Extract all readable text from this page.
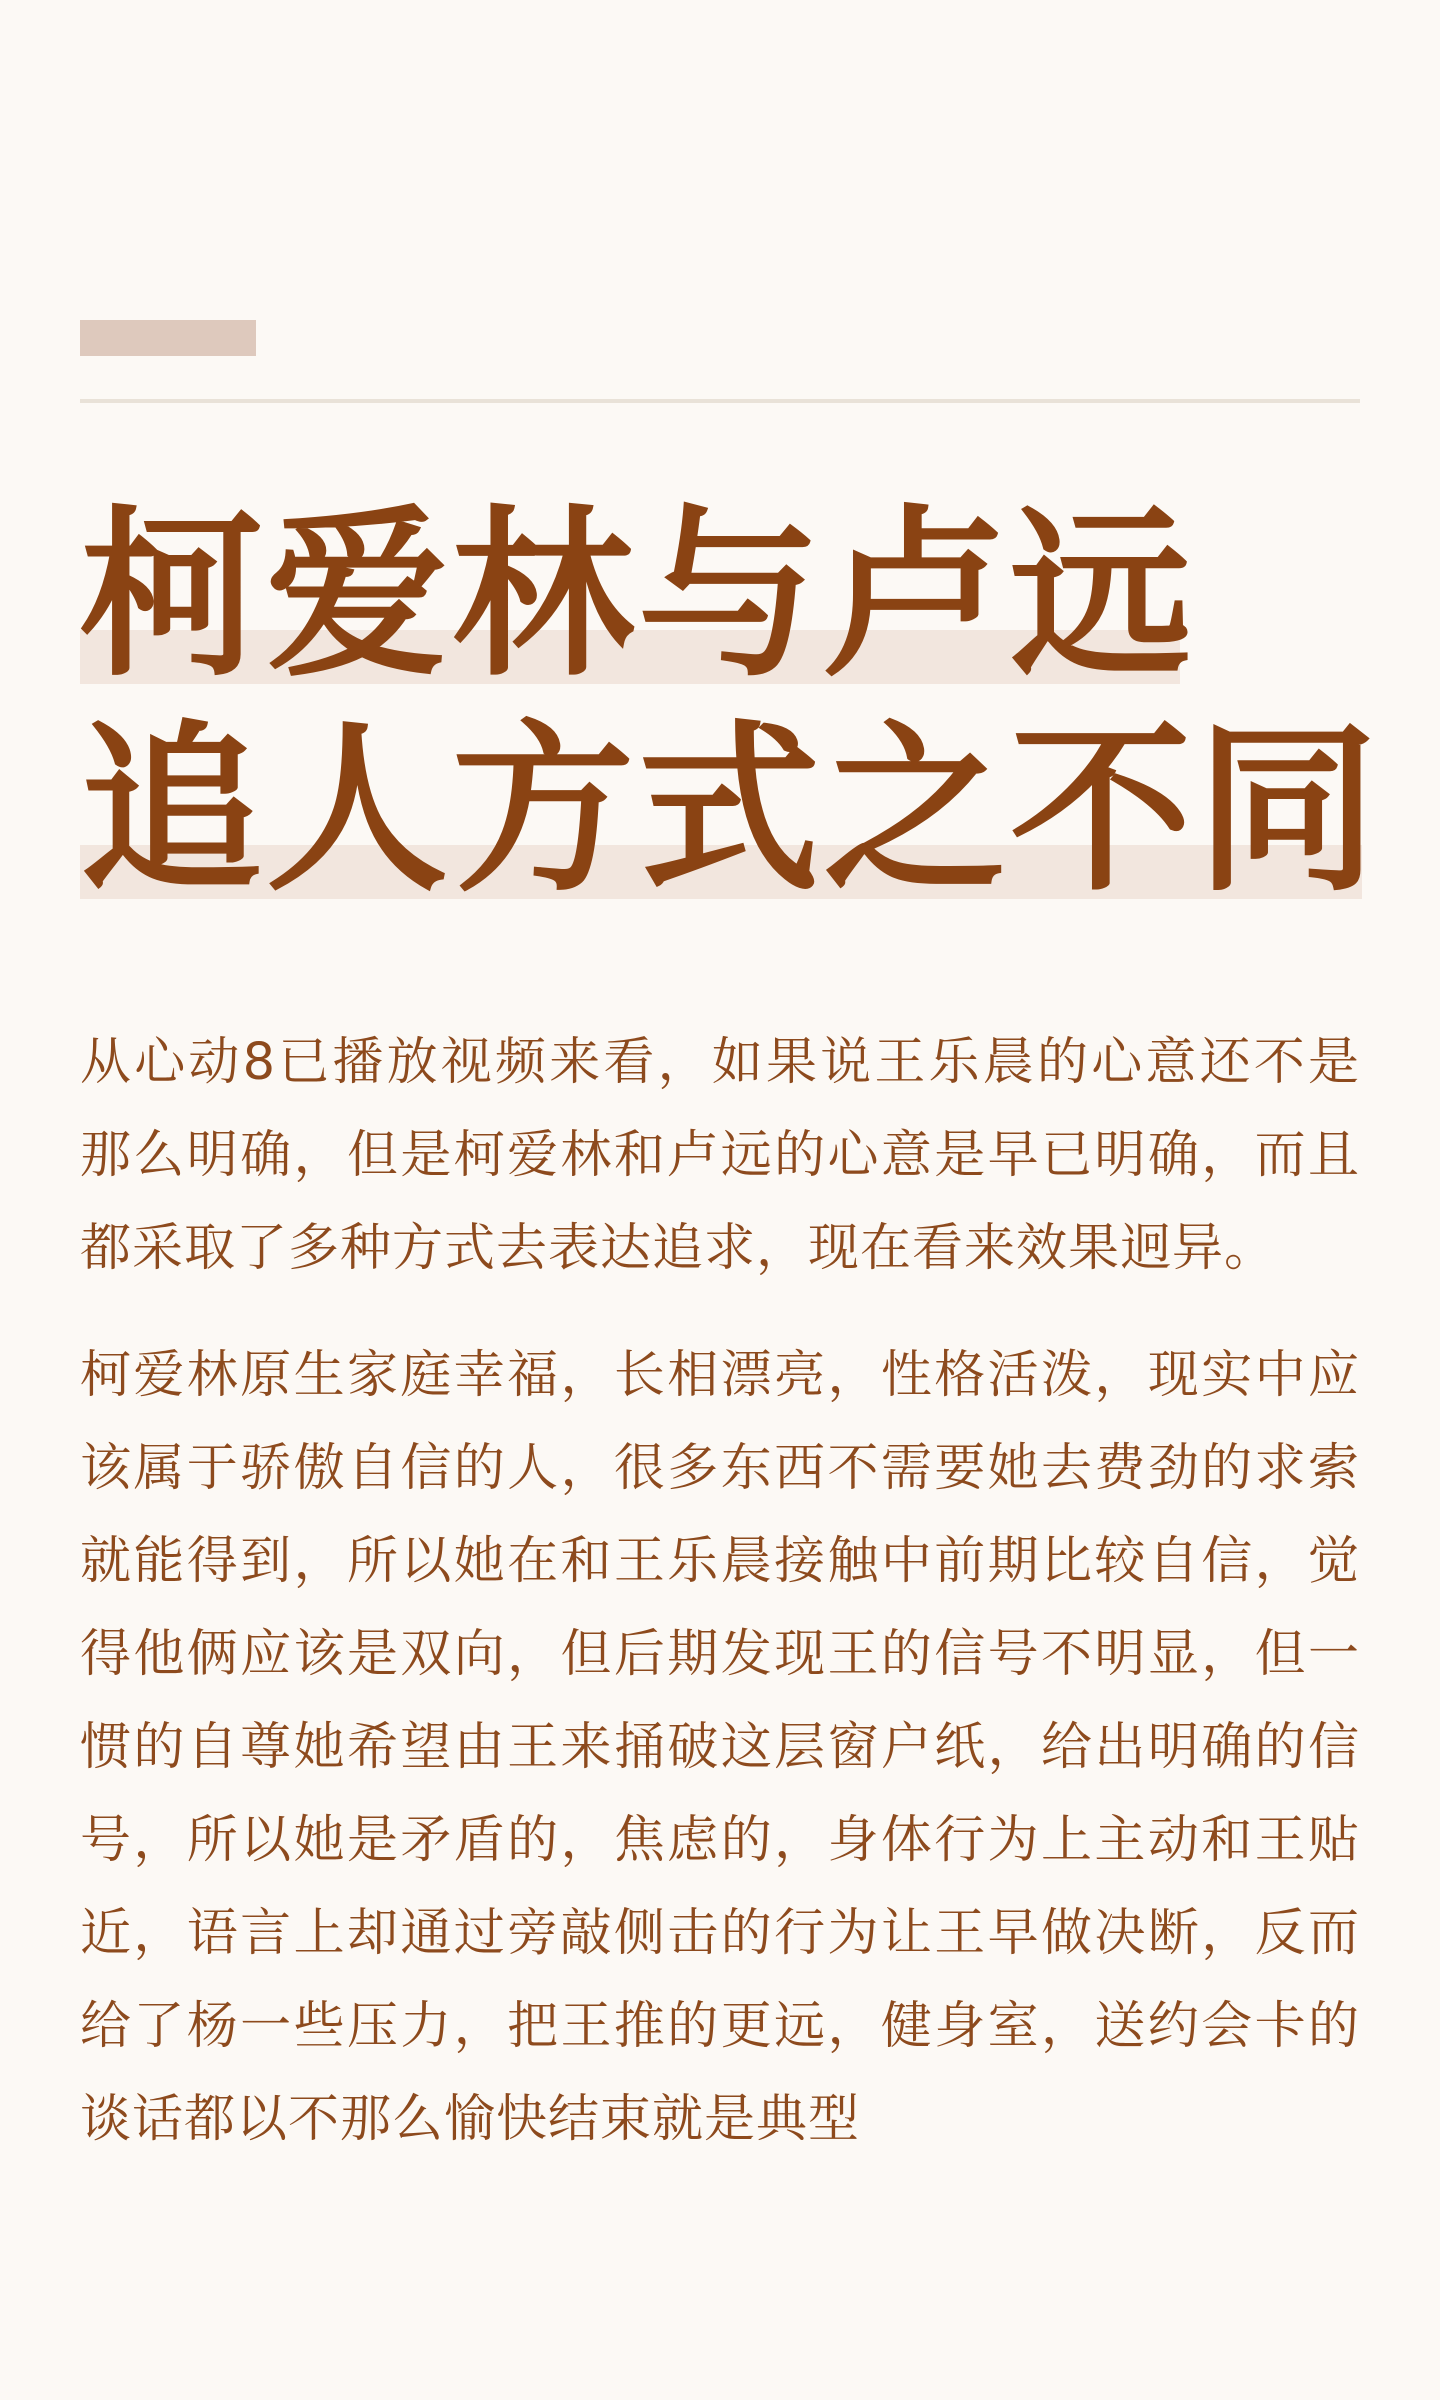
柯爱林与卢远
追人方式之不同

从心动8已播放视频来看，如果说王乐晨的心意还不是那么明确，但是柯爱林和卢远的心意是早已明确，而且都采取了多种方式去表达追求，现在看来效果迥异。

柯爱林原生家庭幸福，长相漂亮，性格活泼，现实中应该属于骄傲自信的人，很多东西不需要她去费劲的求索就能得到，所以她在和王乐晨接触中前期比较自信，觉得他俩应该是双向，但后期发现王的信号不明显，但一惯的自尊她希望由王来捅破这层窗户纸，给出明确的信号，所以她是矛盾的，焦虑的，身体行为上主动和王贴近，语言上却通过旁敲侧击的行为让王早做决断，反而给了杨一些压力，把王推的更远，健身室，送约会卡的谈话都以不那么愉快结束就是典型
